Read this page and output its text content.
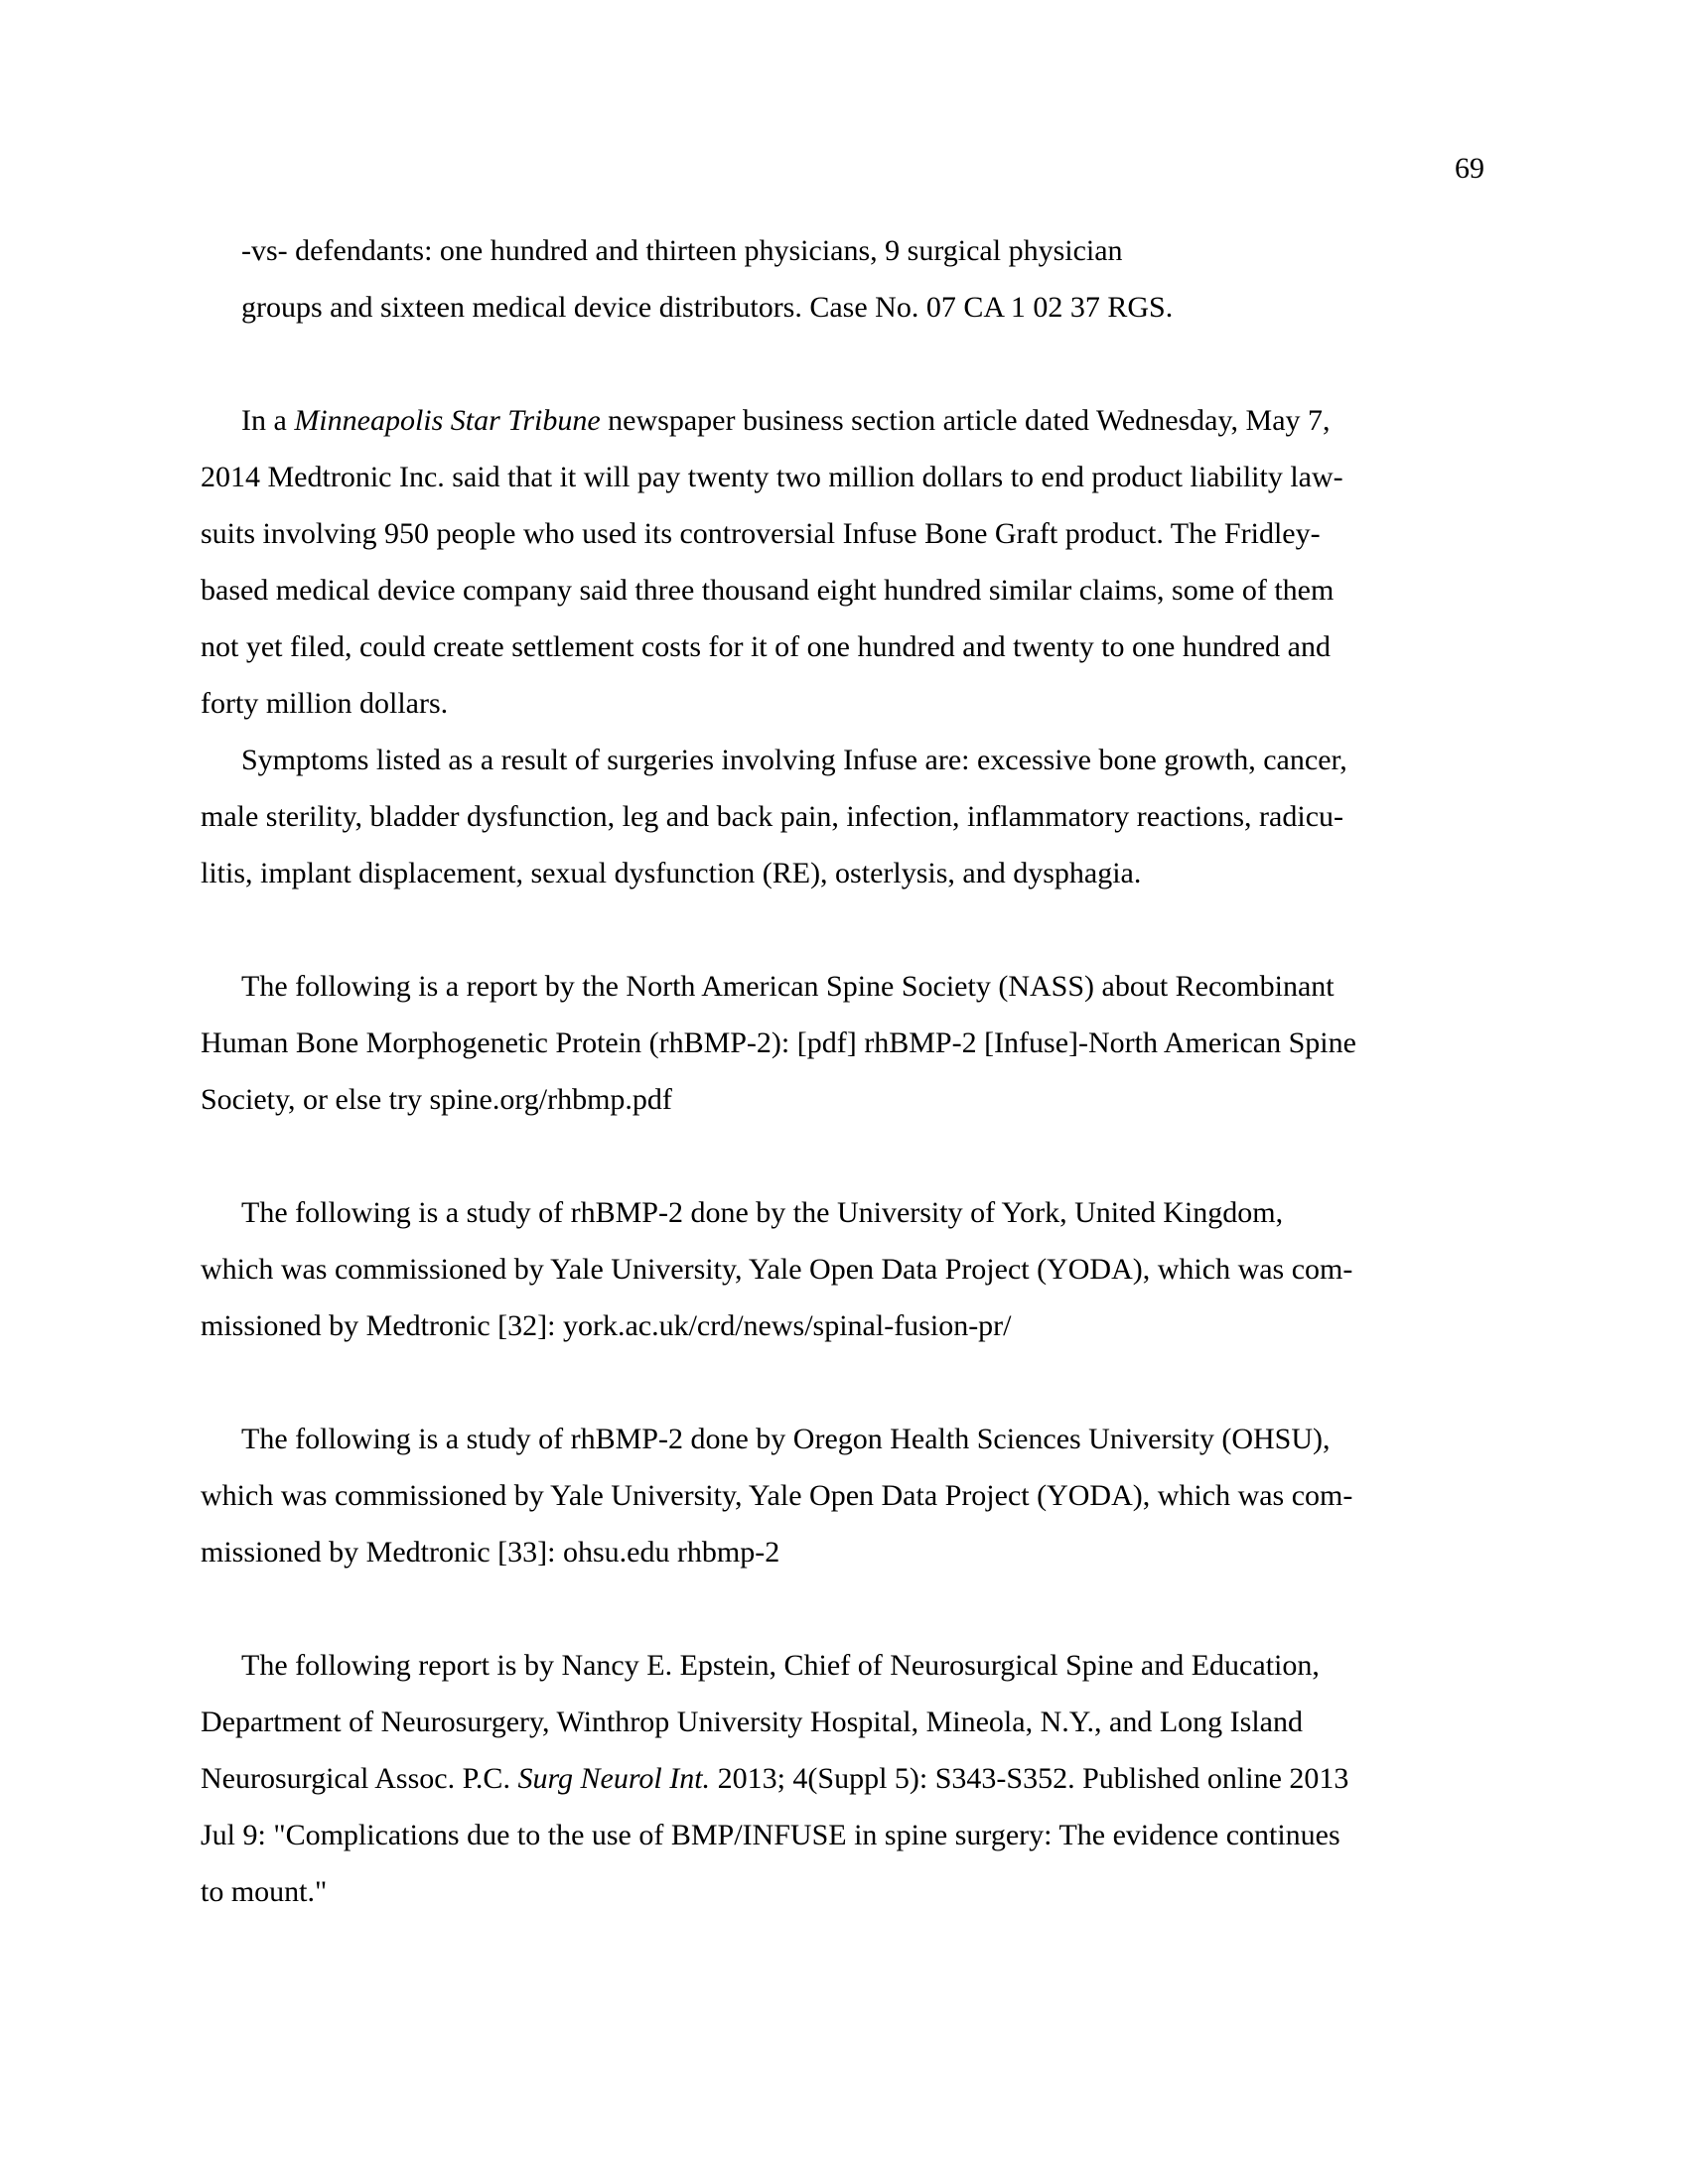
69
-vs- defendants: one hundred and thirteen physicians, 9 surgical physician
groups and sixteen medical device distributors. Case No. 07 CA 1 02 37 RGS.
In a Minneapolis Star Tribune newspaper business section article dated Wednesday, May 7,
2014 Medtronic Inc. said that it will pay twenty two million dollars to end product liability law-
suits involving 950 people who used its controversial Infuse Bone Graft product. The Fridley-
based medical device company said three thousand eight hundred similar claims, some of them
not yet filed, could create settlement costs for it of one hundred and twenty to one hundred and
forty million dollars.
Symptoms listed as a result of surgeries involving Infuse are: excessive bone growth, cancer,
male sterility, bladder dysfunction, leg and back pain, infection, inflammatory reactions, radicu-
litis, implant displacement, sexual dysfunction (RE), osterlysis, and dysphagia.
The following is a report by the North American Spine Society (NASS) about Recombinant
Human Bone Morphogenetic Protein (rhBMP-2): [pdf] rhBMP-2 [Infuse]-North American Spine
Society, or else try spine.org/rhbmp.pdf
The following is a study of rhBMP-2 done by the University of York, United Kingdom,
which was commissioned by Yale University, Yale Open Data Project (YODA), which was com-
missioned by Medtronic [32]: york.ac.uk/crd/news/spinal-fusion-pr/
The following is a study of rhBMP-2 done by Oregon Health Sciences University (OHSU),
which was commissioned by Yale University, Yale Open Data Project (YODA), which was com-
missioned by Medtronic [33]: ohsu.edu rhbmp-2
The following report is by Nancy E. Epstein, Chief of Neurosurgical Spine and Education,
Department of Neurosurgery, Winthrop University Hospital, Mineola, N.Y., and Long Island
Neurosurgical Assoc. P.C. Surg Neurol Int. 2013; 4(Suppl 5): S343-S352. Published online 2013
Jul 9: "Complications due to the use of BMP/INFUSE in spine surgery: The evidence continues
to mount."
